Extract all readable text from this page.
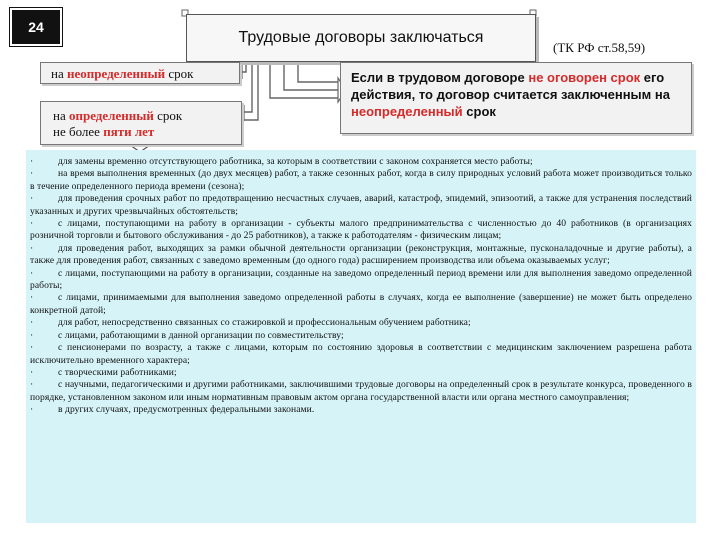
24
Трудовые договоры заключаться
(ТК РФ ст.58,59)
на неопределенный срок
на определенный срок
не более пяти лет
Если в трудовом договоре не оговорен срок его действия, то договор считается заключенным на неопределенный срок

·	для замены временно отсутствующего работника, за которым в соответствии с законом сохраняется место работы;

·	на время выполнения временных (до двух месяцев) работ, а также сезонных работ, когда в силу природных условий работа может производиться только в течение определенного периода времени (сезона);

·	для проведения срочных работ по предотвращению несчастных случаев, аварий, катастроф, эпидемий, эпизоотий, а также для устранения последствий указанных и других чрезвычайных обстоятельств;

·	с лицами, поступающими на работу в организации - субъекты малого предпринимательства с численностью до 40 работников (в организациях розничной торговли и бытового обслуживания - до 25 работников), а также к работодателям - физическим лицам;

·	для проведения работ, выходящих за рамки обычной деятельности организации (реконструкция, монтажные, пусконаладочные и другие работы), а также для проведения работ, связанных с заведомо временным (до одного года) расширением производства или объема оказываемых услуг;

·	с лицами, поступающими на работу в организации, созданные на заведомо определенный период времени или для выполнения заведомо определенной работы;

·	с лицами, принимаемыми для выполнения заведомо определенной работы в случаях, когда ее выполнение (завершение) не может быть определено конкретной датой;

·	для работ, непосредственно связанных со стажировкой и профессиональным обучением работника;

·	с лицами, работающими в данной организации по совместительству;

·	с пенсионерами по возрасту, а также с лицами, которым по состоянию здоровья в соответствии с медицинским заключением разрешена работа исключительно временного характера;

·	с творческими работниками;

·	с научными, педагогическими и другими работниками, заключившими трудовые договоры на определенный срок в результате конкурса, проведенного в порядке, установленном законом или иным нормативным правовым актом органа государственной власти или органа местного самоуправления;

·	в других случаях, предусмотренных федеральными законами.
